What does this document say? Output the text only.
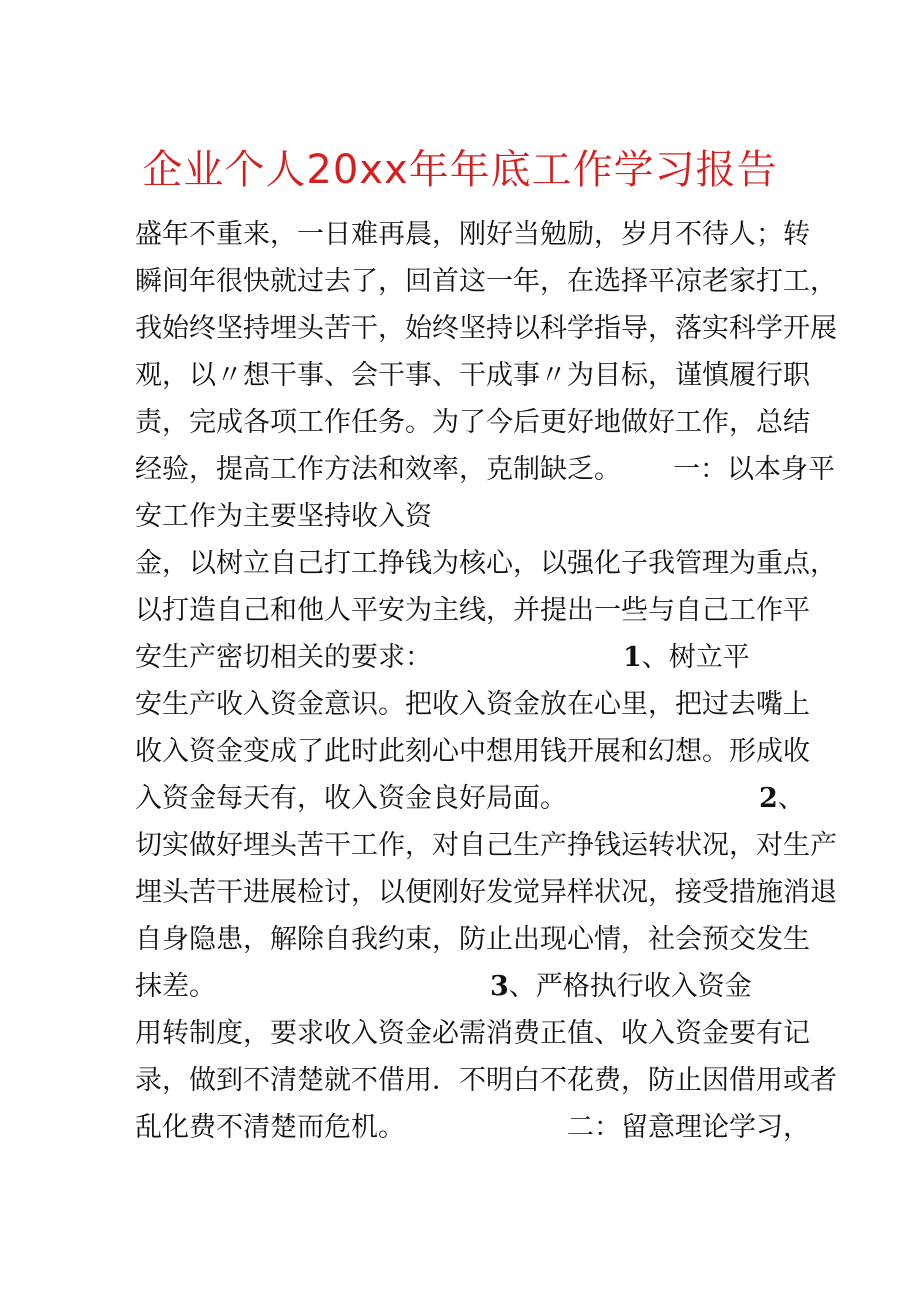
企业个人20xx年年底工作学习报告
盛年不重来，一日难再晨，刚好当勉励，岁月不待人；转
瞬间年很快就过去了，回首这一年，在选择平凉老家打工，
我始终坚持埋头苦干，始终坚持以科学指导，落实科学开展
观，以〃想干事、会干事、干成事〃为目标，谨慎履行职
责，完成各项工作任务。为了今后更好地做好工作，总结
经验，提高工作方法和效率，克制缺乏。 一：以本身平
安工作为主要坚持收入资
金，以树立自己打工挣钱为核心，以强化子我管理为重点，
以打造自己和他人平安为主线，并提出一些与自己工作平
安生产密切相关的要求：	1、树立平
安生产收入资金意识。把收入资金放在心里，把过去嘴上
收入资金变成了此时此刻心中想用钱开展和幻想。形成收
入资金每天有，收入资金良好局面。	2、
切实做好埋头苦干工作，对自己生产挣钱运转状况，对生产
埋头苦干进展检讨，以便刚好发觉异样状况，接受措施消退
自身隐患，解除自我约束，防止出现心情，社会预交发生
抹差。	3、严格执行收入资金
用转制度，要求收入资金必需消费正值、收入资金要有记
录，做到不清楚就不借用．不明白不花费，防止因借用或者
乱化费不清楚而危机。	二：留意理论学习，
